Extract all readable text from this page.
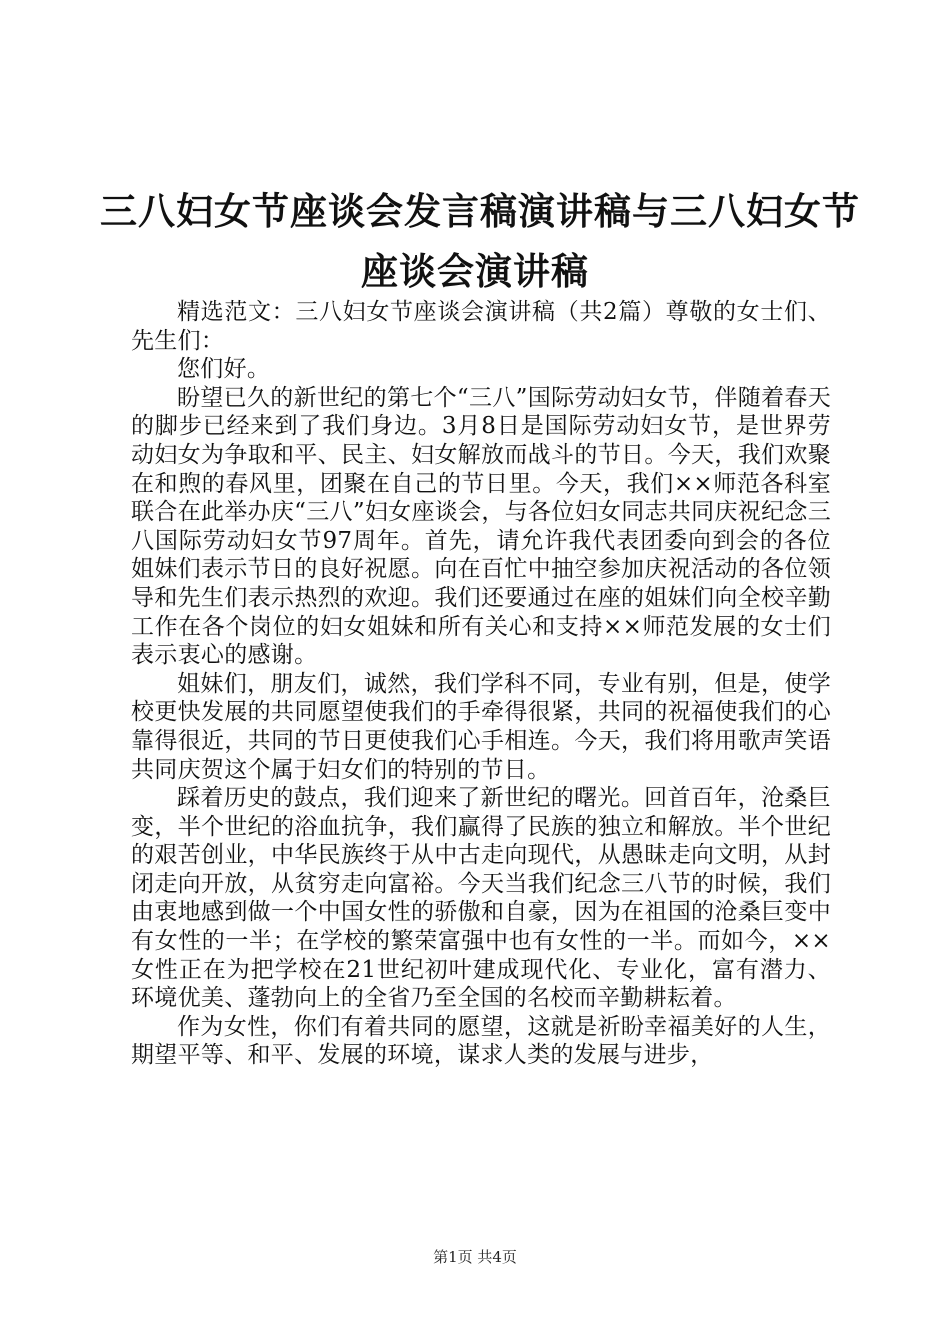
三八妇女节座谈会发言稿演讲稿与三八妇女节
座谈会演讲稿

精选范文：三八妇女节座谈会演讲稿（共2篇）尊敬的女士们、先生们：

您们好。

盼望已久的新世纪的第七个“三八”国际劳动妇女节，伴随着春天的脚步已经来到了我们身边。3月8日是国际劳动妇女节，是世界劳动妇女为争取和平、民主、妇女解放而战斗的节日。今天，我们欢聚在和煦的春风里，团聚在自己的节日里。今天，我们××师范各科室联合在此举办庆“三八”妇女座谈会，与各位妇女同志共同庆祝纪念三八国际劳动妇女节97周年。首先，请允许我代表团委向到会的各位姐妹们表示节日的良好祝愿。向在百忙中抽空参加庆祝活动的各位领导和先生们表示热烈的欢迎。我们还要通过在座的姐妹们向全校辛勤工作在各个岗位的妇女姐妹和所有关心和支持××师范发展的女士们表示衷心的感谢。

姐妹们，朋友们，诚然，我们学科不同，专业有别，但是，使学校更快发展的共同愿望使我们的手牵得很紧，共同的祝福使我们的心靠得很近，共同的节日更使我们心手相连。今天，我们将用歌声笑语共同庆贺这个属于妇女们的特别的节日。

踩着历史的鼓点，我们迎来了新世纪的曙光。回首百年，沧桑巨变，半个世纪的浴血抗争，我们赢得了民族的独立和解放。半个世纪的艰苦创业，中华民族终于从中古走向现代，从愚昧走向文明，从封闭走向开放，从贫穷走向富裕。今天当我们纪念三八节的时候，我们由衷地感到做一个中国女性的骄傲和自豪，因为在祖国的沧桑巨变中有女性的一半；在学校的繁荣富强中也有女性的一半。而如今，××女性正在为把学校在21世纪初叶建成现代化、专业化，富有潜力、环境优美、蓬勃向上的全省乃至全国的名校而辛勤耕耘着。

作为女性，你们有着共同的愿望，这就是祈盼幸福美好的人生，期望平等、和平、发展的环境，谋求人类的发展与进步，

第1页 共4页
